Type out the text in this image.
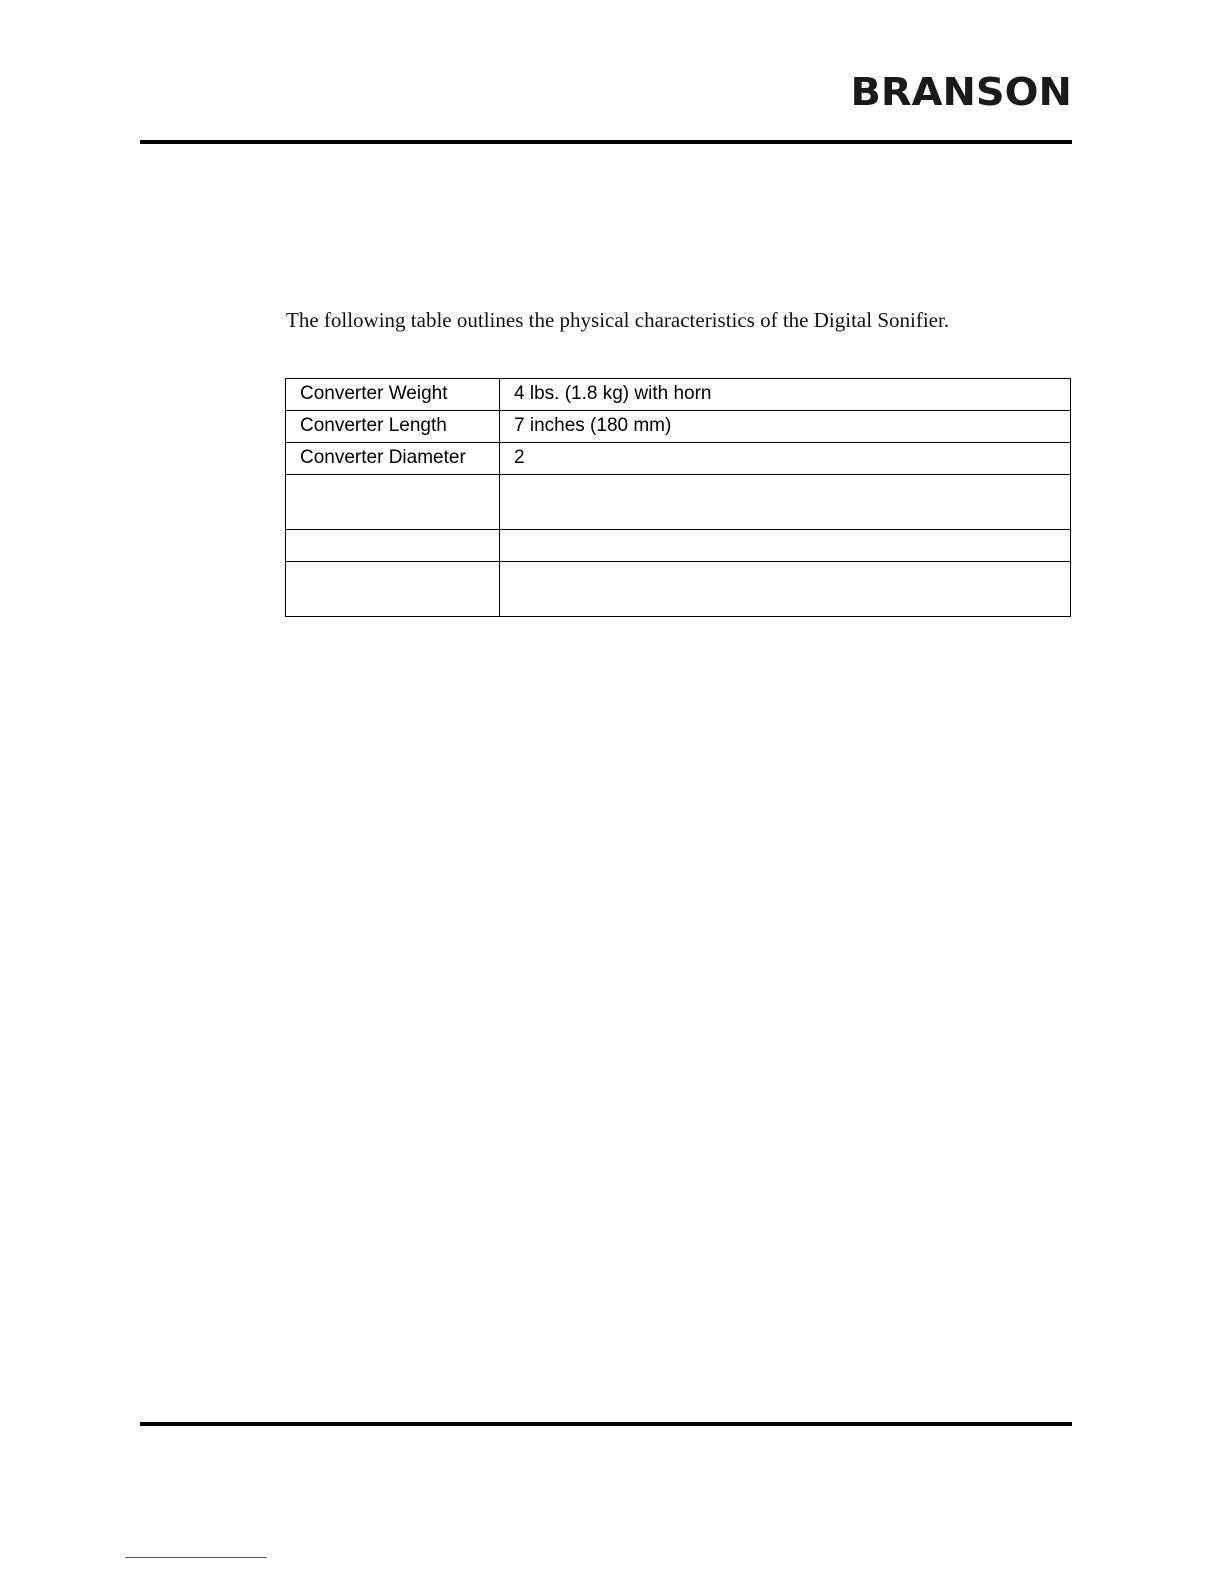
BRANSON
The following table outlines the physical characteristics of the Digital Sonifier.
Converter Weight	4 lbs. (1.8 kg) with horn
Converter Length	7 inches (180 mm)
Converter Diameter	2
